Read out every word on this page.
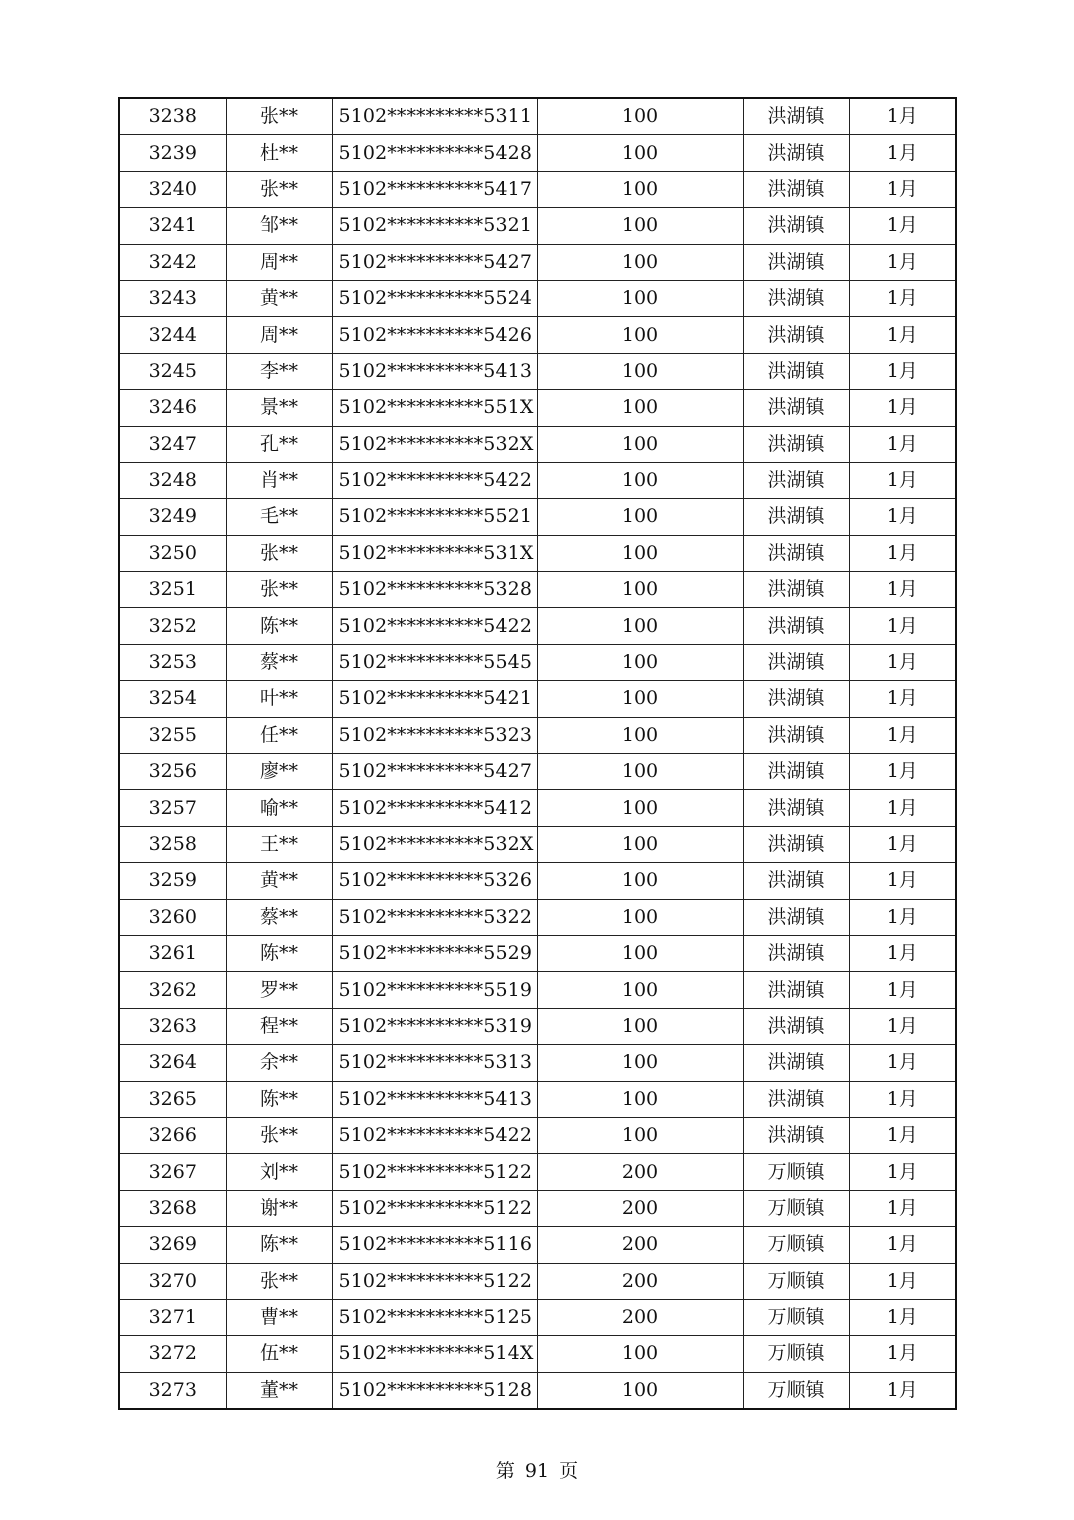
3238	张**	5102**********5311	100	洪湖镇	1月
3239	杜**	5102**********5428	100	洪湖镇	1月
3240	张**	5102**********5417	100	洪湖镇	1月
3241	邹**	5102**********5321	100	洪湖镇	1月
3242	周**	5102**********5427	100	洪湖镇	1月
3243	黄**	5102**********5524	100	洪湖镇	1月
3244	周**	5102**********5426	100	洪湖镇	1月
3245	李**	5102**********5413	100	洪湖镇	1月
3246	景**	5102**********551X	100	洪湖镇	1月
3247	孔**	5102**********532X	100	洪湖镇	1月
3248	肖**	5102**********5422	100	洪湖镇	1月
3249	毛**	5102**********5521	100	洪湖镇	1月
3250	张**	5102**********531X	100	洪湖镇	1月
3251	张**	5102**********5328	100	洪湖镇	1月
3252	陈**	5102**********5422	100	洪湖镇	1月
3253	蔡**	5102**********5545	100	洪湖镇	1月
3254	叶**	5102**********5421	100	洪湖镇	1月
3255	任**	5102**********5323	100	洪湖镇	1月
3256	廖**	5102**********5427	100	洪湖镇	1月
3257	喻**	5102**********5412	100	洪湖镇	1月
3258	王**	5102**********532X	100	洪湖镇	1月
3259	黄**	5102**********5326	100	洪湖镇	1月
3260	蔡**	5102**********5322	100	洪湖镇	1月
3261	陈**	5102**********5529	100	洪湖镇	1月
3262	罗**	5102**********5519	100	洪湖镇	1月
3263	程**	5102**********5319	100	洪湖镇	1月
3264	余**	5102**********5313	100	洪湖镇	1月
3265	陈**	5102**********5413	100	洪湖镇	1月
3266	张**	5102**********5422	100	洪湖镇	1月
3267	刘**	5102**********5122	200	万顺镇	1月
3268	谢**	5102**********5122	200	万顺镇	1月
3269	陈**	5102**********5116	200	万顺镇	1月
3270	张**	5102**********5122	200	万顺镇	1月
3271	曹**	5102**********5125	200	万顺镇	1月
3272	伍**	5102**********514X	100	万顺镇	1月
3273	董**	5102**********5128	100	万顺镇	1月
第 91 页
